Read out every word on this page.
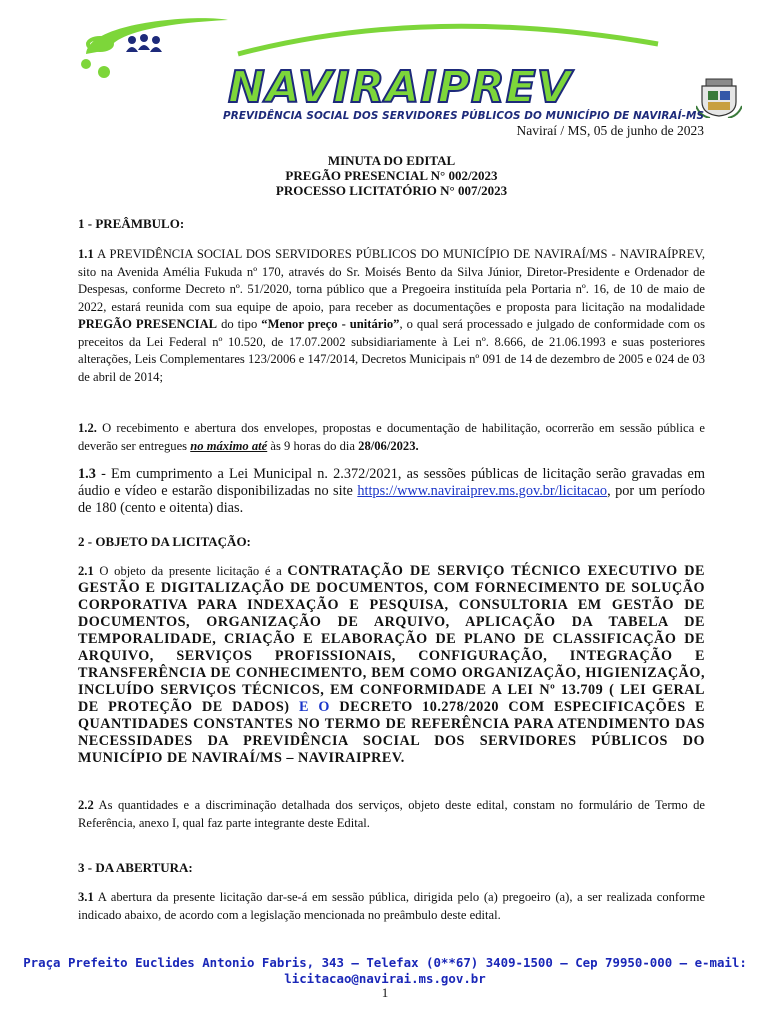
NAVIRAIPREV
PREVIDÊNCIA SOCIAL DOS SERVIDORES PÚBLICOS DO MUNICÍPIO DE NAVIRAÍ-MS
Naviraí / MS, 05 de junho de 2023
MINUTA DO EDITAL
PREGÃO PRESENCIAL N° 002/2023
PROCESSO LICITATÓRIO N° 007/2023
1 - PREÂMBULO:

1.1 A PREVIDÊNCIA SOCIAL DOS SERVIDORES PÚBLICOS DO MUNICÍPIO DE NAVIRAÍ/MS - NAVIRAÍPREV, sito na Avenida Amélia Fukuda nº 170, através do Sr. Moisés Bento da Silva Júnior, Diretor-Presidente e Ordenador de Despesas, conforme Decreto nº. 51/2020, torna público que a Pregoeira instituída pela Portaria nº. 16, de 10 de maio de 2022, estará reunida com sua equipe de apoio, para receber as documentações e proposta para licitação na modalidade PREGÃO PRESENCIAL do tipo “Menor preço - unitário”, o qual será processado e julgado de conformidade com os preceitos da Lei Federal nº 10.520, de 17.07.2002 subsidiariamente à Lei nº. 8.666, de 21.06.1993 e suas posteriores alterações, Leis Complementares 123/2006 e 147/2014, Decretos Municipais nº 091 de 14 de dezembro de 2005 e 024 de 03 de abril de 2014;

1.2. O recebimento e abertura dos envelopes, propostas e documentação de habilitação, ocorrerão em sessão pública e deverão ser entregues no máximo até às 9 horas do dia 28/06/2023.

1.3 - Em cumprimento a Lei Municipal n. 2.372/2021, as sessões públicas de licitação serão gravadas em áudio e vídeo e estarão disponibilizadas no site https://www.naviraiprev.ms.gov.br/licitacao, por um período de 180 (cento e oitenta) dias.

2 - OBJETO DA LICITAÇÃO:

2.1 O objeto da presente licitação é a CONTRATAÇÃO DE SERVIÇO TÉCNICO EXECUTIVO DE GESTÃO E DIGITALIZAÇÃO DE DOCUMENTOS, COM FORNECIMENTO DE SOLUÇÃO CORPORATIVA PARA INDEXAÇÃO E PESQUISA, CONSULTORIA EM GESTÃO DE DOCUMENTOS, ORGANIZAÇÃO DE ARQUIVO, APLICAÇÃO DA TABELA DE TEMPORALIDADE, CRIAÇÃO E ELABORAÇÃO DE PLANO DE CLASSIFICAÇÃO DE ARQUIVO, SERVIÇOS PROFISSIONAIS, CONFIGURAÇÃO, INTEGRAÇÃO E TRANSFERÊNCIA DE CONHECIMENTO, BEM COMO ORGANIZAÇÃO, HIGIENIZAÇÃO, INCLUÍDO SERVIÇOS TÉCNICOS, EM CONFORMIDADE A LEI Nº 13.709 ( LEI GERAL DE PROTEÇÃO DE DADOS) E O DECRETO 10.278/2020 COM ESPECIFICAÇÕES E QUANTIDADES CONSTANTES NO TERMO DE REFERÊNCIA PARA ATENDIMENTO DAS NECESSIDADES DA PREVIDÊNCIA SOCIAL DOS SERVIDORES PÚBLICOS DO MUNICÍPIO DE NAVIRAÍ/MS – NAVIRAIPREV.

2.2 As quantidades e a discriminação detalhada dos serviços, objeto deste edital, constam no formulário de Termo de Referência, anexo I, qual faz parte integrante deste Edital.

3 - DA ABERTURA:

3.1 A abertura da presente licitação dar-se-á em sessão pública, dirigida pelo (a) pregoeiro (a), a ser realizada conforme indicado abaixo, de acordo com a legislação mencionada no preâmbulo deste edital.

Praça Prefeito Euclides Antonio Fabris, 343 – Telefax (0**67) 3409-1500 – Cep 79950-000 – e-mail:
licitacao@navirai.ms.gov.br
1
